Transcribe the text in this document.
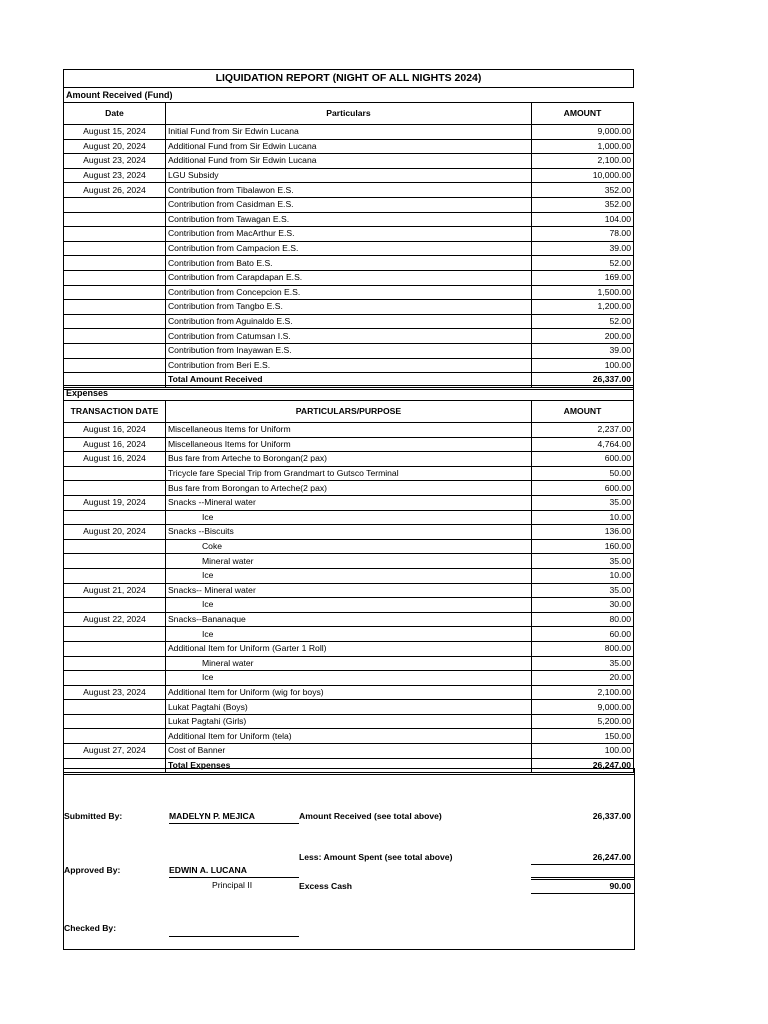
LIQUIDATION REPORT (NIGHT OF ALL NIGHTS 2024)		
Amount Received (Fund)		
Date	Particulars	AMOUNT
August 15, 2024	Initial Fund from Sir Edwin Lucana	9,000.00
August 20, 2024	Additional Fund from Sir Edwin Lucana	1,000.00
August 23, 2024	Additional Fund from Sir Edwin Lucana	2,100.00
August 23, 2024	LGU Subsidy	10,000.00
August 26, 2024	Contribution from Tibalawon E.S.	352.00
	Contribution from Casidman E.S.	352.00
	Contribution from Tawagan E.S.	104.00
	Contribution from MacArthur E.S.	78.00
	Contribution from Campacion E.S.	39.00
	Contribution from Bato E.S.	52.00
	Contribution from Carapdapan E.S.	169.00
	Contribution from Concepcion E.S.	1,500.00
	Contribution from Tangbo E.S.	1,200.00
	Contribution from Aguinaldo E.S.	52.00
	Contribution from Catumsan I.S.	200.00
	Contribution from Inayawan E.S.	39.00
	Contribution from Beri E.S.	100.00
	Total Amount Received	26,337.00
Expenses		
TRANSACTION DATE	PARTICULARS/PURPOSE	AMOUNT
August 16, 2024	Miscellaneous Items for Uniform	2,237.00
August 16, 2024	Miscellaneous Items for Uniform	4,764.00
August 16, 2024	Bus fare from Arteche to Borongan(2 pax)	600.00
	Tricycle fare Special Trip from Grandmart to Gutsco Terminal	50.00
	Bus fare from Borongan to Arteche(2 pax)	600.00
August 19, 2024	Snacks --Mineral water	35.00
	Ice	10.00
August 20, 2024	Snacks --Biscuits	136.00
	Coke	160.00
	Mineral water	35.00
	Ice	10.00
August 21, 2024	Snacks-- Mineral water	35.00
	Ice	30.00
August 22, 2024	Snacks--Bananaque	80.00
	Ice	60.00
	Additional Item for Uniform (Garter 1 Roll)	800.00
	Mineral water	35.00
	Ice	20.00
August 23, 2024	Additional Item for Uniform (wig for boys)	2,100.00
	Lukat Pagtahi (Boys)	9,000.00
	Lukat Pagtahi (Girls)	5,200.00
	Additional Item for Uniform (tela)	150.00
August 27, 2024	Cost of Banner	100.00
	Total Expenses	26,247.00
Submitted By:	MADELYN P. MEJICA	Amount Received (see total above)	26,337.00
Less: Amount Spent (see total above)	26,247.00
Approved By:	EDWIN A. LUCANA
Principal II	Excess Cash	90.00
Checked By:
